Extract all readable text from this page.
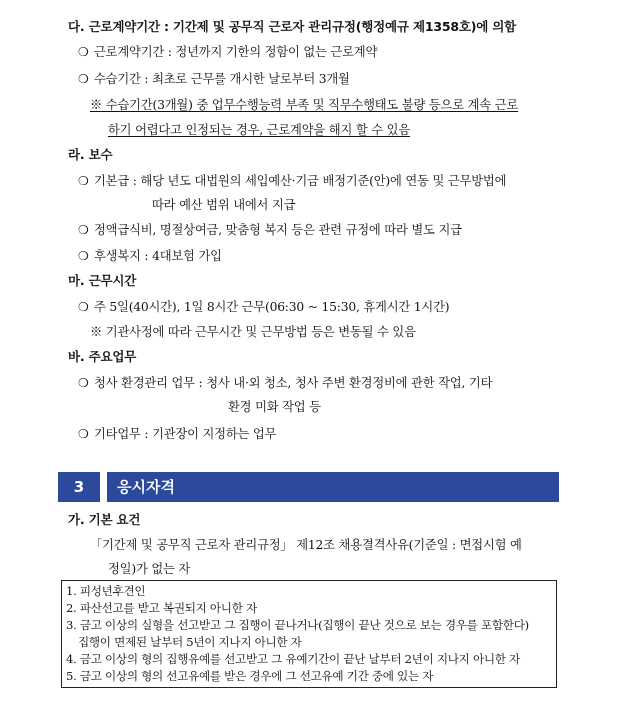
다. 근로계약기간 : 기간제 및 공무직 근로자 관리규정(행정예규 제1358호)에 의함
❍ 근로계약기간 : 정년까지 기한의 정함이 없는 근로계약
❍ 수습기간 : 최초로 근무를 개시한 날로부터 3개월
※ 수습기간(3개월) 중 업무수행능력 부족 및 직무수행태도 불량 등으로 계속 근로
하기 어렵다고 인정되는 경우, 근로계약을 해지 할 수 있음
라. 보수
❍ 기본급 : 해당 년도 대법원의 세입예산·기금 배정기준(안)에 연동 및 근무방법에
따라 예산 범위 내에서 지급
❍ 정액급식비, 명절상여금, 맞춤형 복지 등은 관련 규정에 따라 별도 지급
❍ 후생복지 : 4대보험 가입
마. 근무시간
❍ 주 5일(40시간), 1일 8시간 근무(06:30 ~ 15:30, 휴게시간 1시간)
※ 기관사정에 따라 근무시간 및 근무방법 등은 변동될 수 있음
바. 주요업무
❍ 청사 환경관리 업무 : 청사 내·외 청소, 청사 주변 환경정비에 관한 작업, 기타
환경 미화 작업 등
❍ 기타업무 : 기관장이 지정하는 업무
3	응시자격
가. 기본 요건
「기간제 및 공무직 근로자 관리규정」 제12조 채용결격사유(기준일 : 면접시험 예
정일)가 없는 자
1. 피성년후견인
2. 파산선고를 받고 복권되지 아니한 자
3. 금고 이상의 실형을 선고받고 그 집행이 끝나거나(집행이 끝난 것으로 보는 경우를 포함한다)
집행이 면제된 날부터 5년이 지나지 아니한 자
4. 금고 이상의 형의 집행유예를 선고받고 그 유예기간이 끝난 날부터 2년이 지나지 아니한 자
5. 금고 이상의 형의 선고유예를 받은 경우에 그 선고유예 기간 중에 있는 자
